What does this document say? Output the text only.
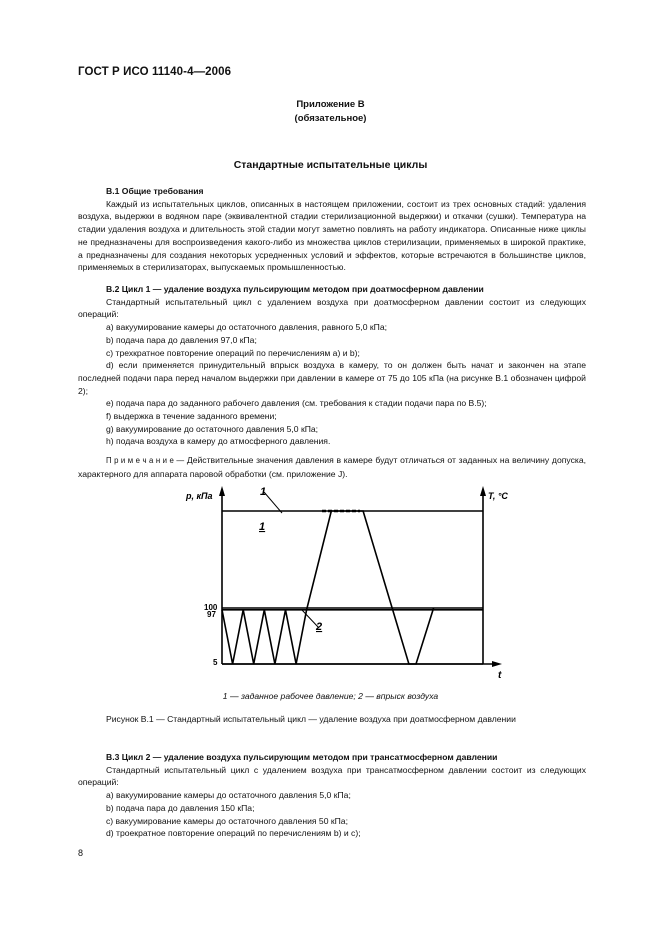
ГОСТ Р ИСО 11140-4—2006
Приложение В
(обязательное)
Стандартные испытательные циклы
В.1 Общие требования
Каждый из испытательных циклов, описанных в настоящем приложении, состоит из трех основных стадий: удаления воздуха, выдержки в водяном паре (эквивалентной стадии стерилизационной выдержки) и откачки (сушки). Температура на стадии удаления воздуха и длительность этой стадии могут заметно повлиять на работу индикатора. Описанные ниже циклы не предназначены для воспроизведения какого-либо из множества циклов стерилизации, применяемых в широкой практике, а предназначены для создания некоторых усредненных условий и эффектов, которые встречаются в большинстве циклов, применяемых в стерилизаторах, выпускаемых промышленностью.
В.2 Цикл 1 — удаление воздуха пульсирующим методом при доатмосферном давлении
Стандартный испытательный цикл с удалением воздуха при доатмосферном давлении состоит из следующих операций:
а) вакуумирование камеры до остаточного давления, равного 5,0 кПа;
b) подача пара до давления 97,0 кПа;
c) трехкратное повторение операций по перечислениям а) и b);
d) если применяется принудительный впрыск воздуха в камеру, то он должен быть начат и закончен на этапе последней подачи пара перед началом выдержки при давлении в камере от 75 до 105 кПа (на рисунке В.1 обозначен цифрой 2);
e) подача пара до заданного рабочего давления (см. требования к стадии подачи пара по В.5);
f) выдержка в течение заданного времени;
g) вакуумирование до остаточного давления 5,0 кПа;
h) подача воздуха в камеру до атмосферного давления.
П р и м е ч а н и е — Действительные значения давления в камере будут отличаться от заданных на величину допуска, характерного для аппарата паровой обработки (см. приложение J).
p, кПа	T, °C
t
100
97
5
1
1
2
1 — заданное рабочее давление; 2 — впрыск воздуха
Рисунок В.1 — Стандартный испытательный цикл — удаление воздуха при доатмосферном давлении
В.3 Цикл 2 — удаление воздуха пульсирующим методом при трансатмосферном давлении
Стандартный испытательный цикл с удалением воздуха при трансатмосферном давлении состоит из следующих операций:
а) вакуумирование камеры до остаточного давления 5,0 кПа;
b) подача пара до давления 150 кПа;
c) вакуумирование камеры до остаточного давления 50 кПа;
d) троекратное повторение операций по перечислениям b) и c);
8
